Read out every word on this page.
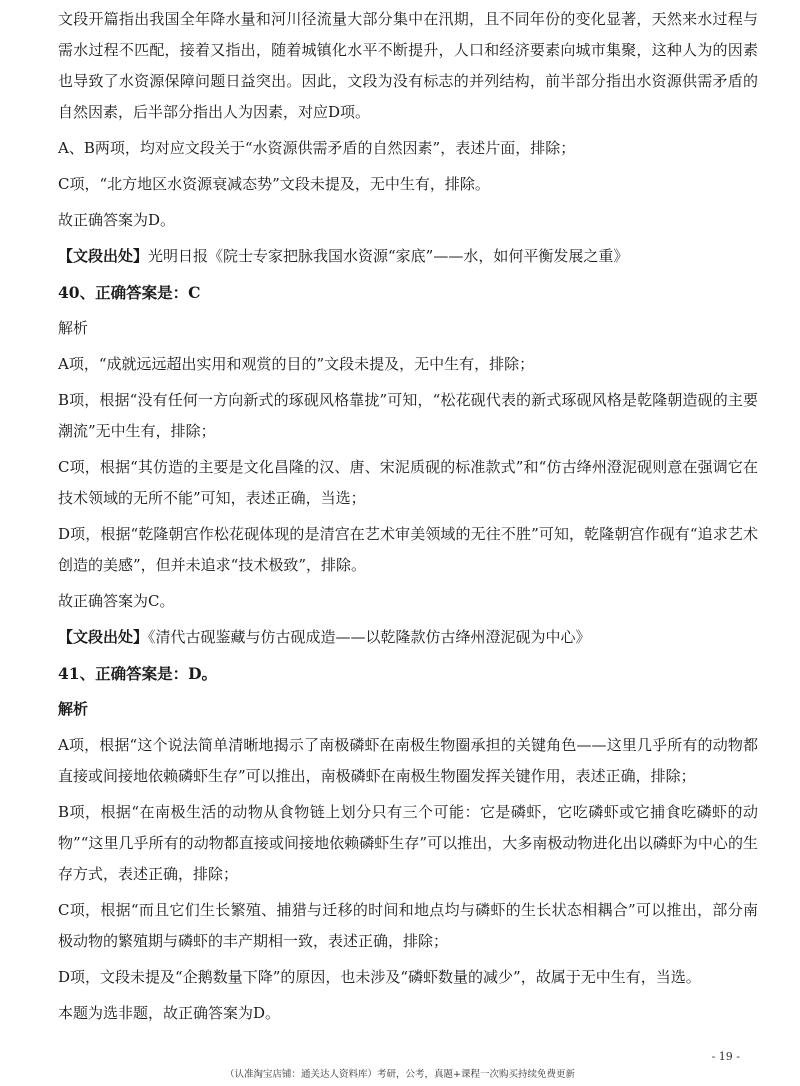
文段开篇指出我国全年降水量和河川径流量大部分集中在汛期，且不同年份的变化显著，天然来水过程与需水过程不匹配，接着又指出，随着城镇化水平不断提升，人口和经济要素向城市集聚，这种人为的因素也导致了水资源保障问题日益突出。因此，文段为没有标志的并列结构，前半部分指出水资源供需矛盾的自然因素，后半部分指出人为因素，对应D项。

A、B两项，均对应文段关于“水资源供需矛盾的自然因素”，表述片面，排除；

C项，“北方地区水资源衰减态势”文段未提及，无中生有，排除。

故正确答案为D。

【文段出处】光明日报《院士专家把脉我国水资源“家底”——水，如何平衡发展之重》

40、正确答案是：C

解析

A项，“成就远远超出实用和观赏的目的”文段未提及，无中生有，排除；

B项，根据“没有任何一方向新式的琢砚风格靠拢”可知，“松花砚代表的新式琢砚风格是乾隆朝造砚的主要潮流”无中生有，排除；

C项，根据“其仿造的主要是文化昌隆的汉、唐、宋泥质砚的标准款式”和“仿古绛州澄泥砚则意在强调它在技术领域的无所不能”可知，表述正确，当选；

D项，根据“乾隆朝宫作松花砚体现的是清宫在艺术审美领域的无往不胜”可知，乾隆朝宫作砚有“追求艺术创造的美感”，但并未追求“技术极致”，排除。

故正确答案为C。

【文段出处】《清代古砚鉴藏与仿古砚成造——以乾隆款仿古绛州澄泥砚为中心》

41、正确答案是：D。

解析

A项，根据“这个说法简单清晰地揭示了南极磷虾在南极生物圈承担的关键角色——这里几乎所有的动物都直接或间接地依赖磷虾生存”可以推出，南极磷虾在南极生物圈发挥关键作用，表述正确，排除；

B项，根据“在南极生活的动物从食物链上划分只有三个可能：它是磷虾，它吃磷虾或它捕食吃磷虾的动物”“这里几乎所有的动物都直接或间接地依赖磷虾生存”可以推出，大多南极动物进化出以磷虾为中心的生存方式，表述正确，排除；

C项，根据“而且它们生长繁殖、捕猎与迁移的时间和地点均与磷虾的生长状态相耦合”可以推出，部分南极动物的繁殖期与磷虾的丰产期相一致，表述正确，排除；

D项，文段未提及“企鹅数量下降”的原因，也未涉及“磷虾数量的减少”，故属于无中生有，当选。

本题为选非题，故正确答案为D。

- 19 -
（认准淘宝店铺：通关达人资料库）考研，公考，真题+课程一次购买持续免费更新
